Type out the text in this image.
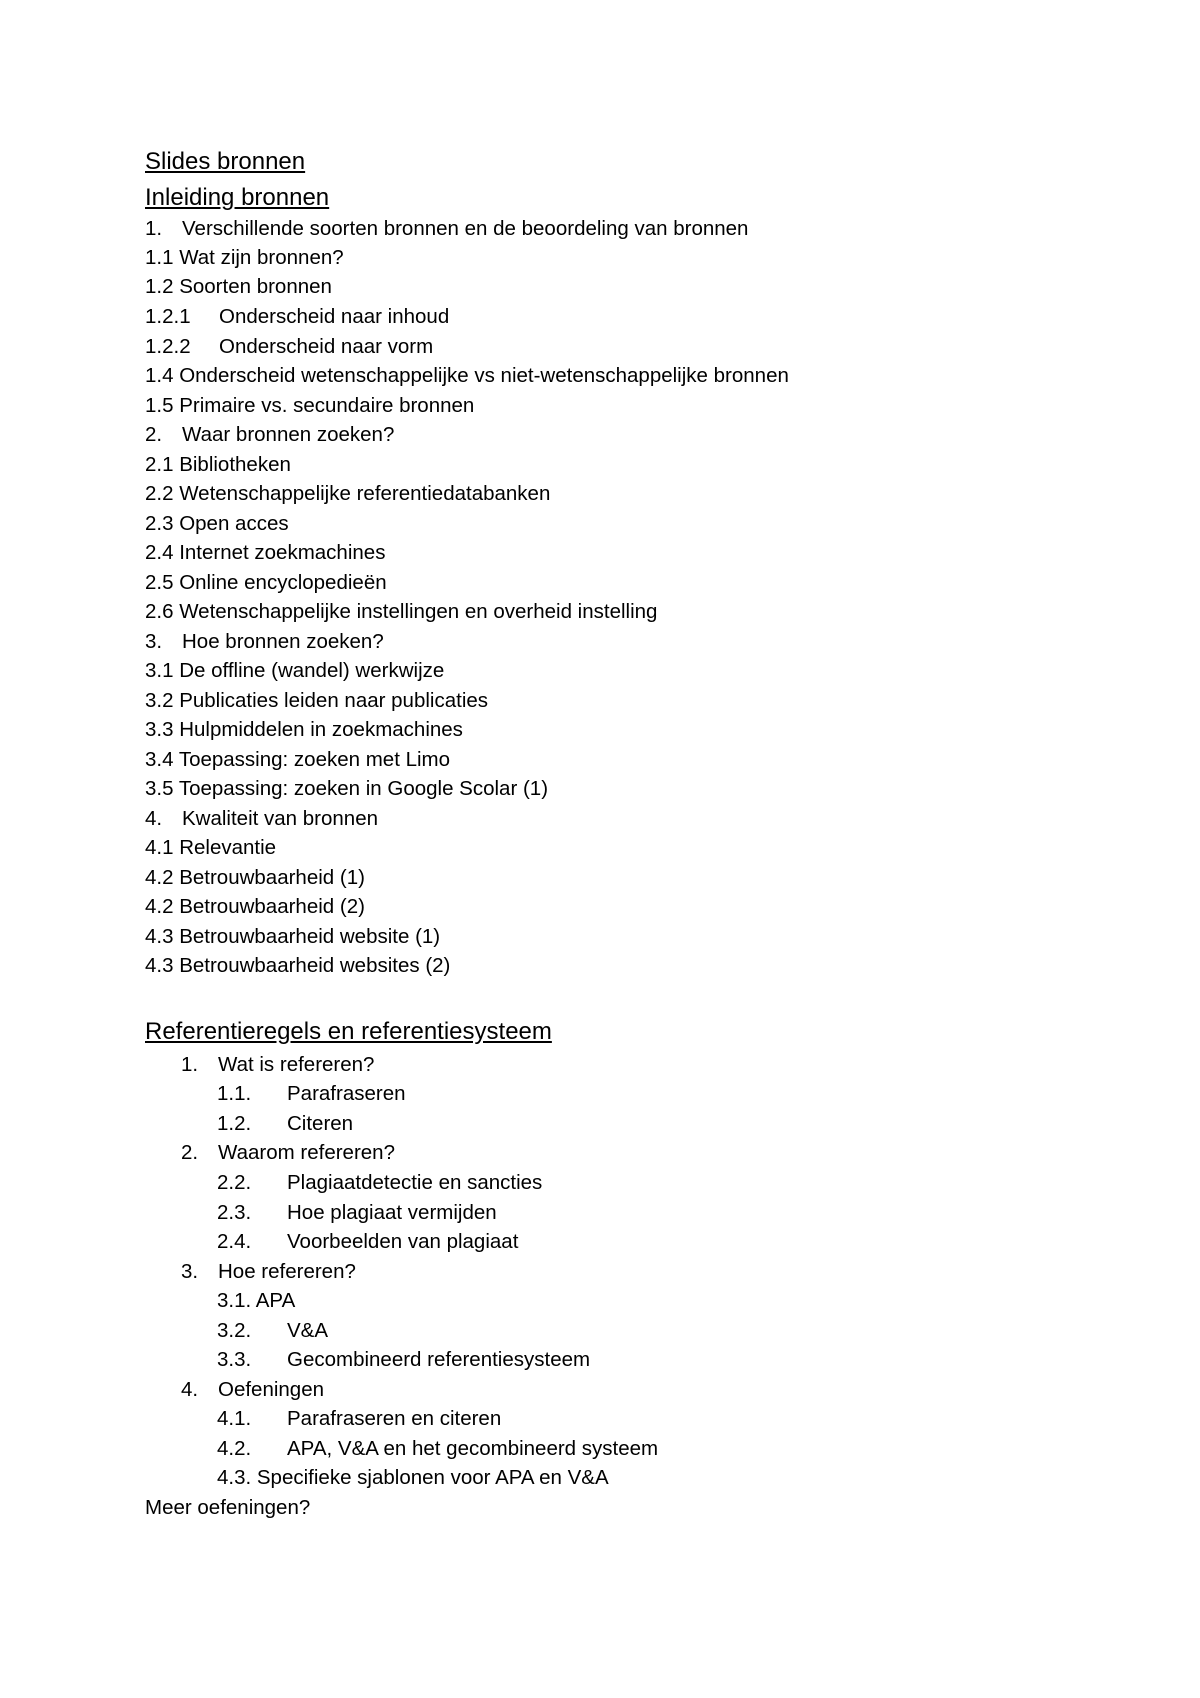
Slides bronnen
Inleiding bronnen
1. Verschillende soorten bronnen en de beoordeling van bronnen
1.1 Wat zijn bronnen?
1.2 Soorten bronnen
1.2.1 Onderscheid naar inhoud
1.2.2 Onderscheid naar vorm
1.4 Onderscheid wetenschappelijke vs niet-wetenschappelijke bronnen
1.5 Primaire vs. secundaire bronnen
2. Waar bronnen zoeken?
2.1 Bibliotheken
2.2 Wetenschappelijke referentiedatabanken
2.3 Open acces
2.4 Internet zoekmachines
2.5 Online encyclopedieën
2.6 Wetenschappelijke instellingen en overheid instelling
3. Hoe bronnen zoeken?
3.1 De offline (wandel) werkwijze
3.2 Publicaties leiden naar publicaties
3.3 Hulpmiddelen in zoekmachines
3.4 Toepassing: zoeken met Limo
3.5 Toepassing: zoeken in Google Scolar (1)
4. Kwaliteit van bronnen
4.1 Relevantie
4.2 Betrouwbaarheid (1)
4.2 Betrouwbaarheid (2)
4.3 Betrouwbaarheid website (1)
4.3 Betrouwbaarheid websites (2)
Referentieregels en referentiesysteem
1. Wat is refereren?
1.1. Parafraseren
1.2. Citeren
2. Waarom refereren?
2.2. Plagiaatdetectie en sancties
2.3. Hoe plagiaat vermijden
2.4. Voorbeelden van plagiaat
3. Hoe refereren?
3.1. APA
3.2. V&A
3.3. Gecombineerd referentiesysteem
4. Oefeningen
4.1. Parafraseren en citeren
4.2. APA, V&A en het gecombineerd systeem
4.3. Specifieke sjablonen voor APA en V&A
Meer oefeningen?
